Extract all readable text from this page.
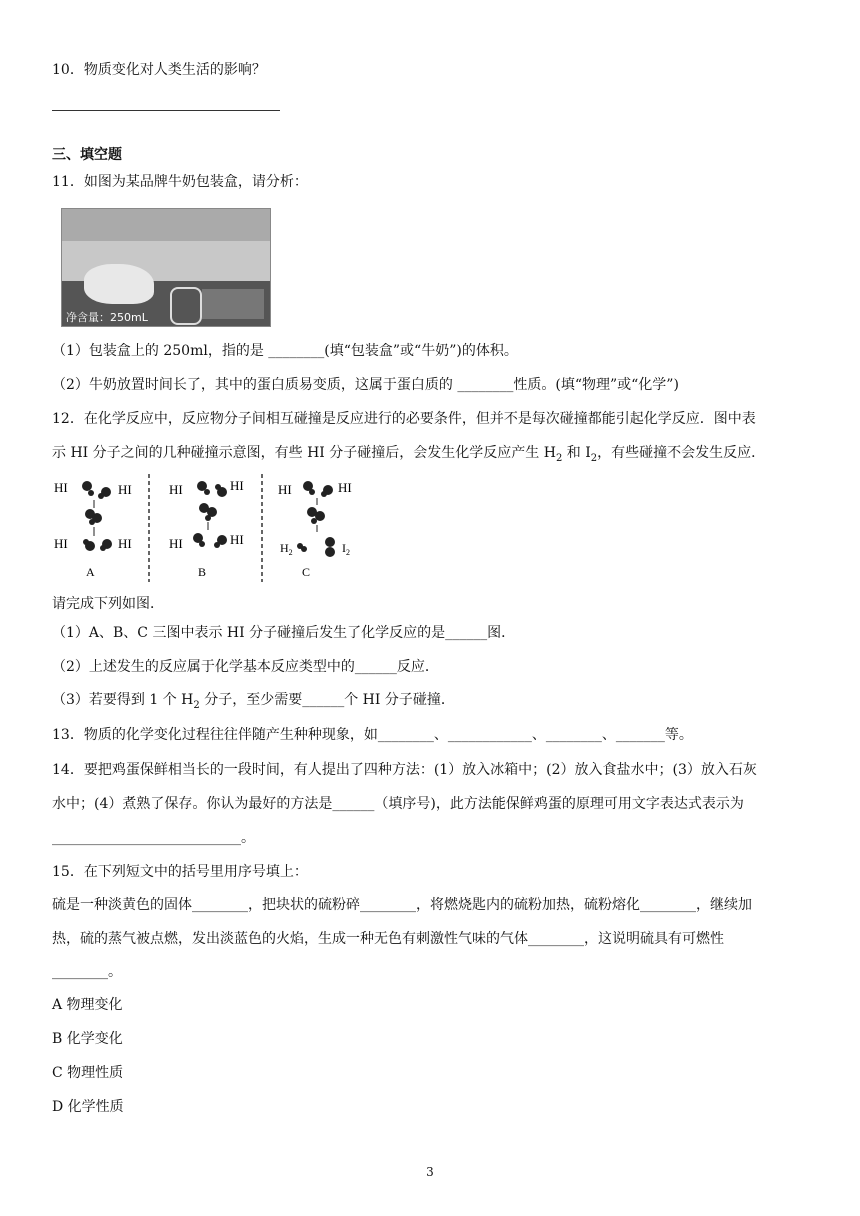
10．物质变化对人类生活的影响？
三、填空题
11．如图为某品牌牛奶包装盒，请分析：
净含量：250mL
（1）包装盒上的 250ml，指的是 ________(填“包装盒”或“牛奶”)的体积。
（2）牛奶放置时间长了，其中的蛋白质易变质，这属于蛋白质的 ________性质。(填“物理”或“化学”)
12．在化学反应中，反应物分子间相互碰撞是反应进行的必要条件，但并不是每次碰撞都能引起化学反应．图中表
示 HI 分子之间的几种碰撞示意图，有些 HI 分子碰撞后，会发生化学反应产生 $H_2$ 和 $I_2$，有些碰撞不会发生反应．
HI	HI
HI	HI
A
HI	HI
HI	HI
B
HI	HI
$H_2$	$I_2$
C
请完成下列如图．
（1）A、B、C 三图中表示 HI 分子碰撞后发生了化学反应的是______图．
（2）上述发生的反应属于化学基本反应类型中的______反应．
（3）若要得到 1 个 $H_2$ 分子，至少需要______个 HI 分子碰撞．
13．物质的化学变化过程往往伴随产生种种现象，如________、____________、________、_______等。
14．要把鸡蛋保鲜相当长的一段时间，有人提出了四种方法：(1）放入冰箱中；(2）放入食盐水中；(3）放入石灰
水中；(4）煮熟了保存。你认为最好的方法是______（填序号)，此方法能保鲜鸡蛋的原理可用文字表达式表示为
___________________________。
15．在下列短文中的括号里用序号填上：
硫是一种淡黄色的固体________，把块状的硫粉碎________，将燃烧匙内的硫粉加热，硫粉熔化________，继续加
热，硫的蒸气被点燃，发出淡蓝色的火焰，生成一种无色有刺激性气味的气体________，这说明硫具有可燃性
________。
A 物理变化
B 化学变化
C 物理性质
D 化学性质
3
